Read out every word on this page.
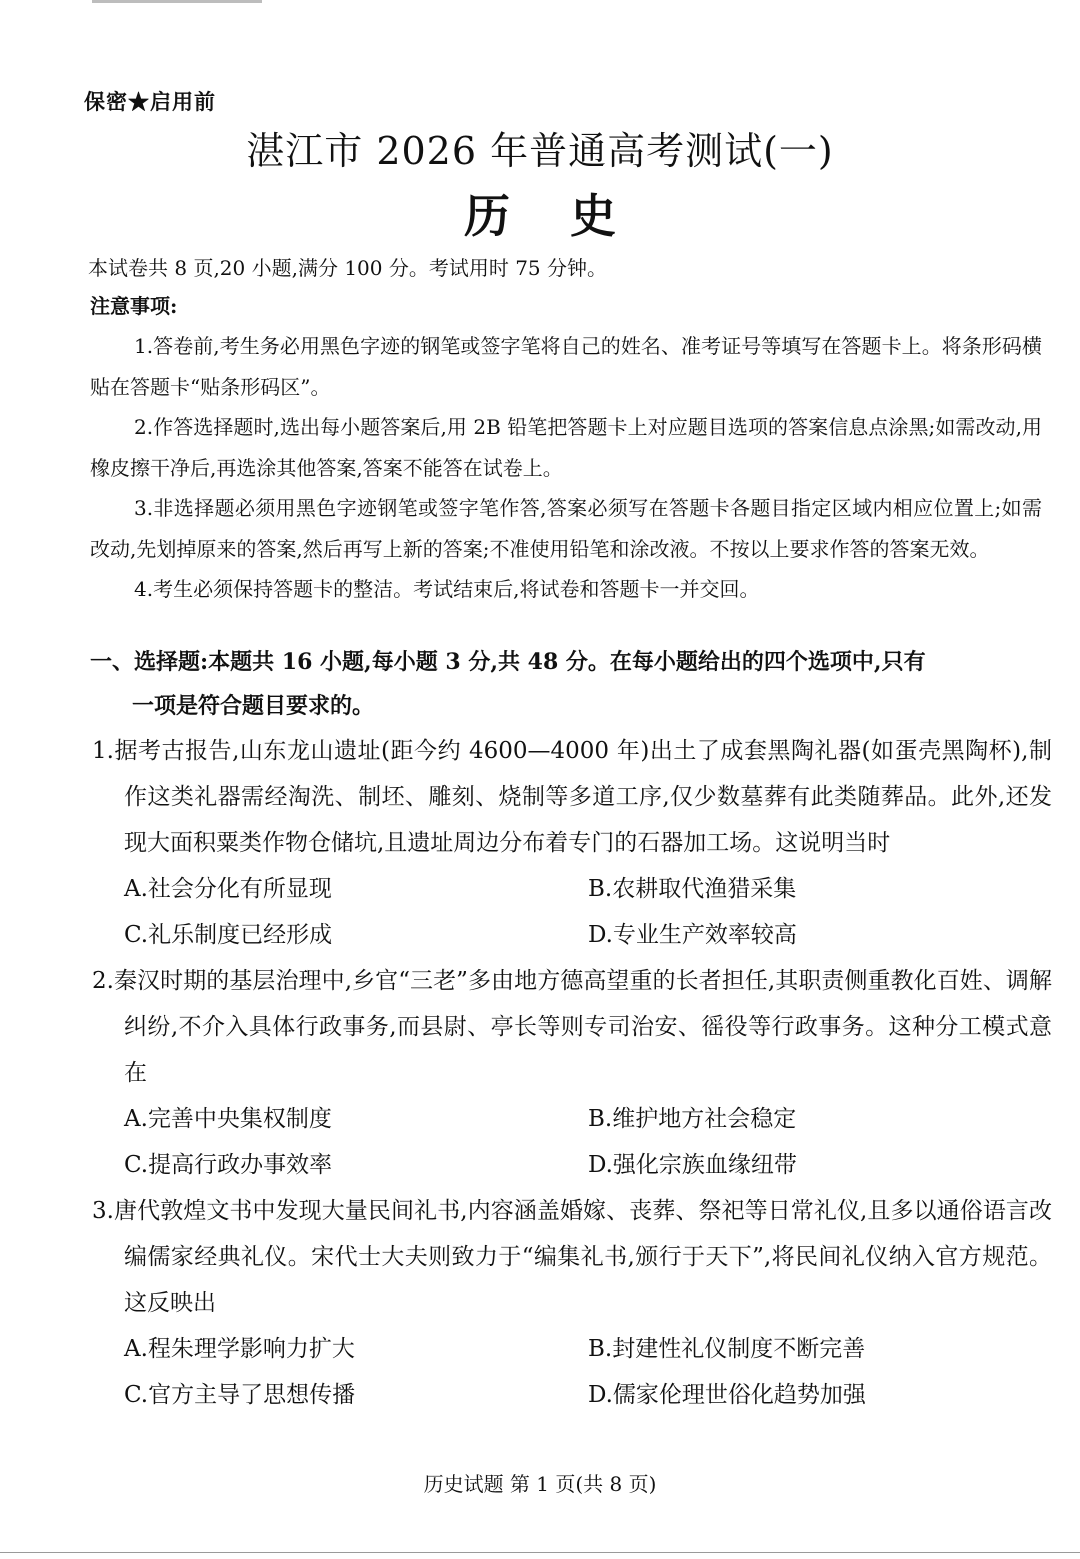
保密★启用前
湛江市 2026 年普通高考测试(一)
历史
本试卷共 8 页,20 小题,满分 100 分。考试用时 75 分钟。
注意事项:
1.答卷前,考生务必用黑色字迹的钢笔或签字笔将自己的姓名、准考证号等填写在答题卡上。将条形码横贴在答题卡“贴条形码区”。
2.作答选择题时,选出每小题答案后,用 2B 铅笔把答题卡上对应题目选项的答案信息点涂黑;如需改动,用橡皮擦干净后,再选涂其他答案,答案不能答在试卷上。
3.非选择题必须用黑色字迹钢笔或签字笔作答,答案必须写在答题卡各题目指定区域内相应位置上;如需改动,先划掉原来的答案,然后再写上新的答案;不准使用铅笔和涂改液。不按以上要求作答的答案无效。
4.考生必须保持答题卡的整洁。考试结束后,将试卷和答题卡一并交回。
一、选择题:本题共 16 小题,每小题 3 分,共 48 分。在每小题给出的四个选项中,只有
一项是符合题目要求的。
1.据考古报告,山东龙山遗址(距今约 4600—4000 年)出土了成套黑陶礼器(如蛋壳黑陶杯),制作这类礼器需经淘洗、制坯、雕刻、烧制等多道工序,仅少数墓葬有此类随葬品。此外,还发现大面积粟类作物仓储坑,且遗址周边分布着专门的石器加工场。这说明当时
A.社会分化有所显现	B.农耕取代渔猎采集
C.礼乐制度已经形成	D.专业生产效率较高
2.秦汉时期的基层治理中,乡官“三老”多由地方德高望重的长者担任,其职责侧重教化百姓、调解纠纷,不介入具体行政事务,而县尉、亭长等则专司治安、徭役等行政事务。这种分工模式意在
A.完善中央集权制度	B.维护地方社会稳定
C.提高行政办事效率	D.强化宗族血缘纽带
3.唐代敦煌文书中发现大量民间礼书,内容涵盖婚嫁、丧葬、祭祀等日常礼仪,且多以通俗语言改编儒家经典礼仪。宋代士大夫则致力于“编集礼书,颁行于天下”,将民间礼仪纳入官方规范。这反映出
A.程朱理学影响力扩大	B.封建性礼仪制度不断完善
C.官方主导了思想传播	D.儒家伦理世俗化趋势加强
历史试题 第 1 页(共 8 页)
